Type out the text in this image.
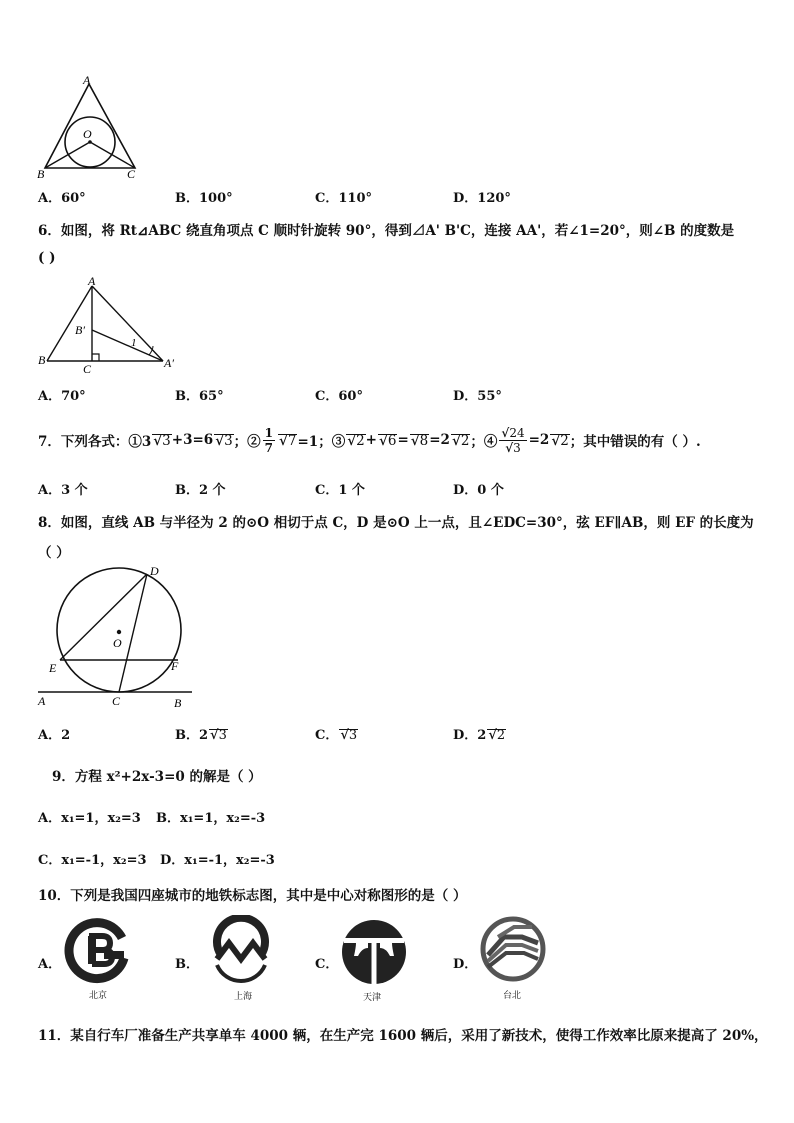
A
O
B	C
A．60°	B．100°	C．110°	D．120°
6．如图，将 Rt⊿ABC 绕直角项点 C 顺时针旋转 90°，得到⊿A' B'C，连接 AA'，若∠1=20°，则∠B 的度数是
( )
A
B′
1
B
C	A′
A．70°	B．65°	C．60°	D．55°
7．下列各式：①3 √3 +3=6 √3 ；② $\frac{1}{7} √7 =1$；③ √2 + √6 = √8 =2 √2 ；④ $\frac{√24}{√3} =2$ √2 ；其中错误的有（ ）.
A．3 个	B．2 个	C．1 个	D．0 个
8．如图，直线 AB 与半径为 2 的⊙O 相切于点 C，D 是⊙O 上一点，且∠EDC=30°，弦 EF∥AB，则 EF 的长度为
（ ）
D
O
E	F
A	C	B
A．2	B．2 √3	C． √3	D．2 √2
9．方程 x²+2x-3=0 的解是（ ）
A．x₁=1，x₂=3 B．x₁=1，x₂=-3
C．x₁=-1，x₂=3 D．x₁=-1，x₂=-3
10．下列是我国四座城市的地铁标志图，其中是中心对称图形的是（ ）
A．
北京
B．
上海
C．
天津
D．
台北
11．某自行车厂准备生产共享单车 4000 辆，在生产完 1600 辆后，采用了新技术，使得工作效率比原来提高了 20%，
